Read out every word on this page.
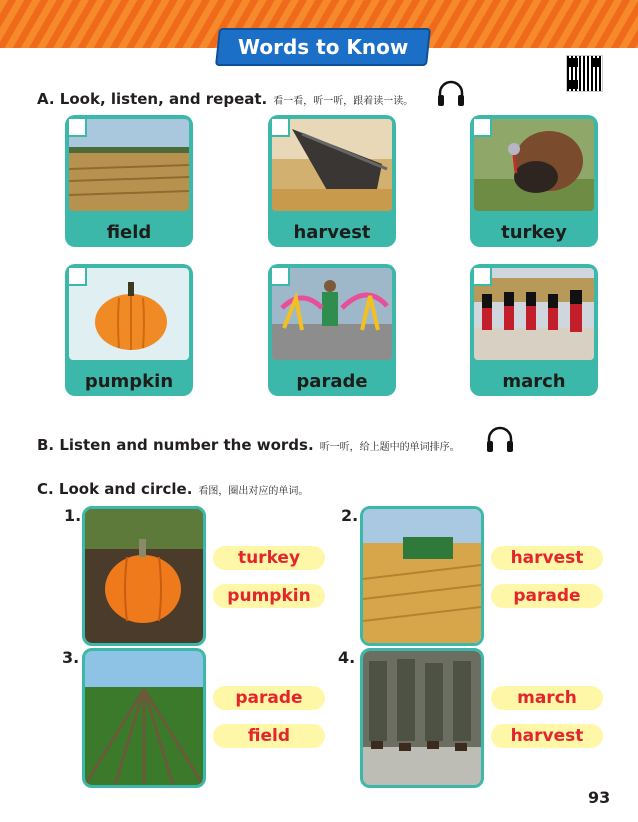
Words to Know
A. Look, listen, and repeat. 看一看，听一听，跟着读一读。
field	harvest	turkey
pumpkin	parade	march
B. Listen and number the words. 听一听，给上题中的单词排序。
C. Look and circle. 看图，圈出对应的单词。
1.
turkey
pumpkin
2.
harvest
parade
3.
parade
field
4.
march
harvest
93
